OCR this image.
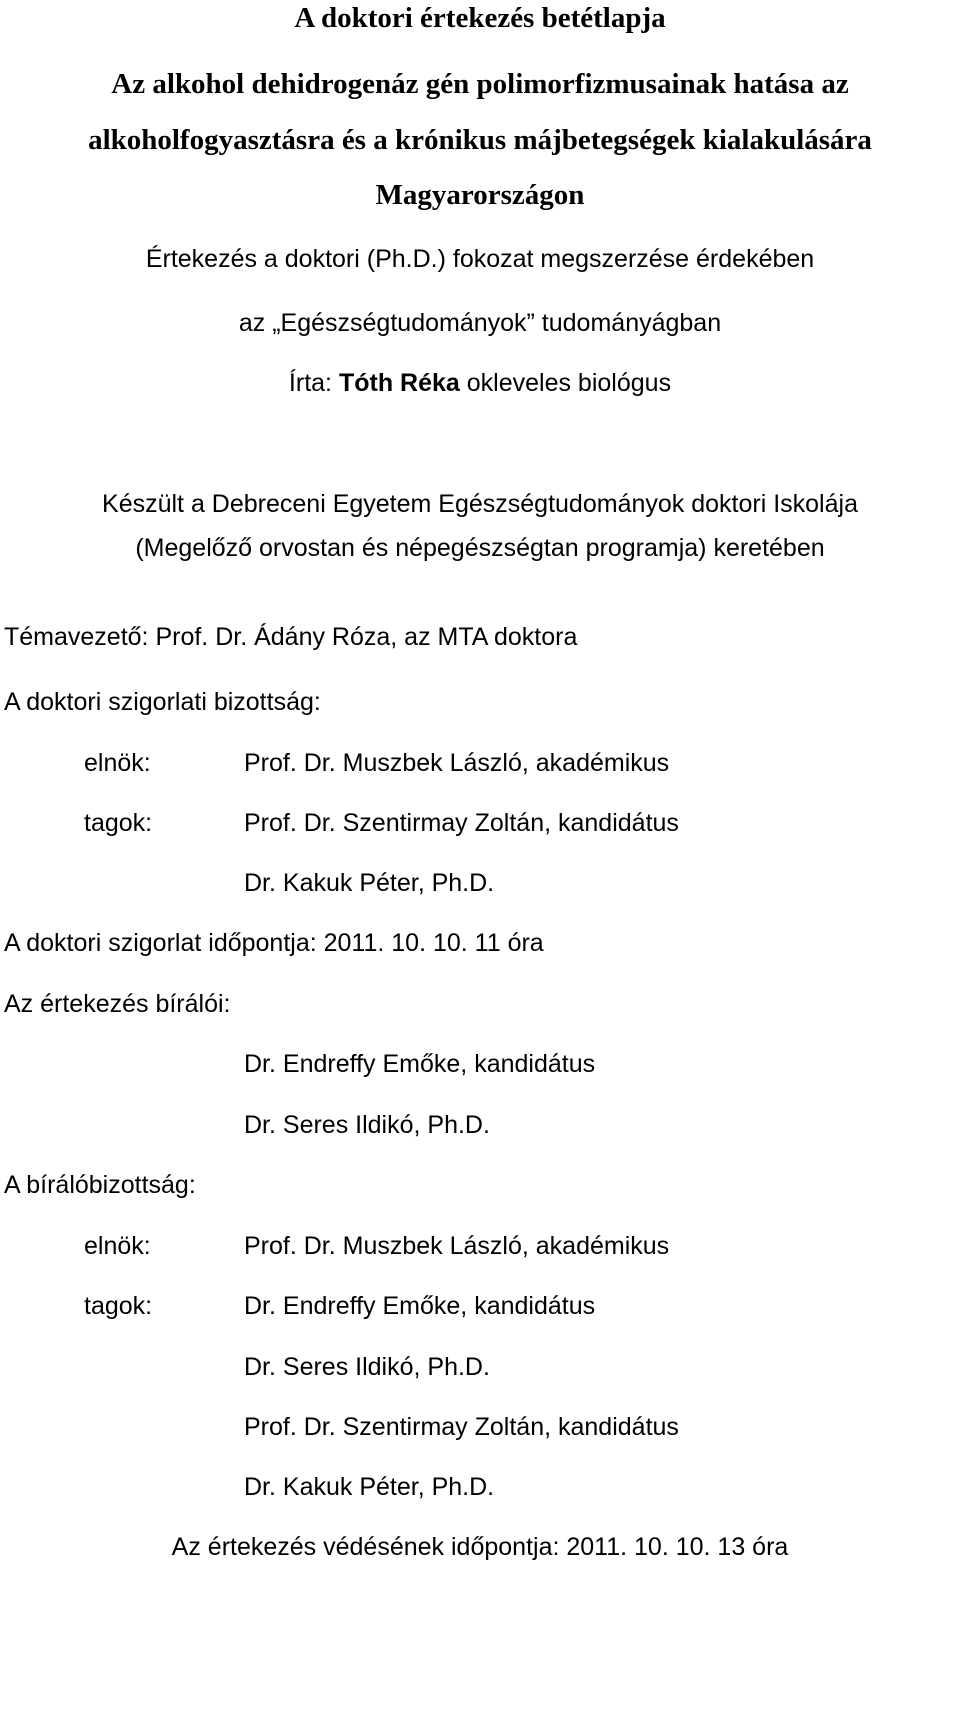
A doktori értekezés betétlapja
Az alkohol dehidrogenáz gén polimorfizmusainak hatása az
alkoholfogyasztásra és a krónikus májbetegségek kialakulására
Magyarországon
Értekezés a doktori (Ph.D.) fokozat megszerzése érdekében
az „Egészségtudományok” tudományágban
Írta: Tóth Réka okleveles biológus
Készült a Debreceni Egyetem Egészségtudományok doktori Iskolája
(Megelőző orvostan és népegészségtan programja) keretében
Témavezető: Prof. Dr. Ádány Róza, az MTA doktora
A doktori szigorlati bizottság:
elnök:	Prof. Dr. Muszbek László, akadémikus
tagok:	Prof. Dr. Szentirmay Zoltán, kandidátus
Dr. Kakuk Péter, Ph.D.
A doktori szigorlat időpontja: 2011. 10. 10. 11 óra
Az értekezés bírálói:
Dr. Endreffy Emőke, kandidátus
Dr. Seres Ildikó, Ph.D.
A bírálóbizottság:
elnök:	Prof. Dr. Muszbek László, akadémikus
tagok:	Dr. Endreffy Emőke, kandidátus
Dr. Seres Ildikó, Ph.D.
Prof. Dr. Szentirmay Zoltán, kandidátus
Dr. Kakuk Péter, Ph.D.
Az értekezés védésének időpontja: 2011. 10. 10. 13 óra
